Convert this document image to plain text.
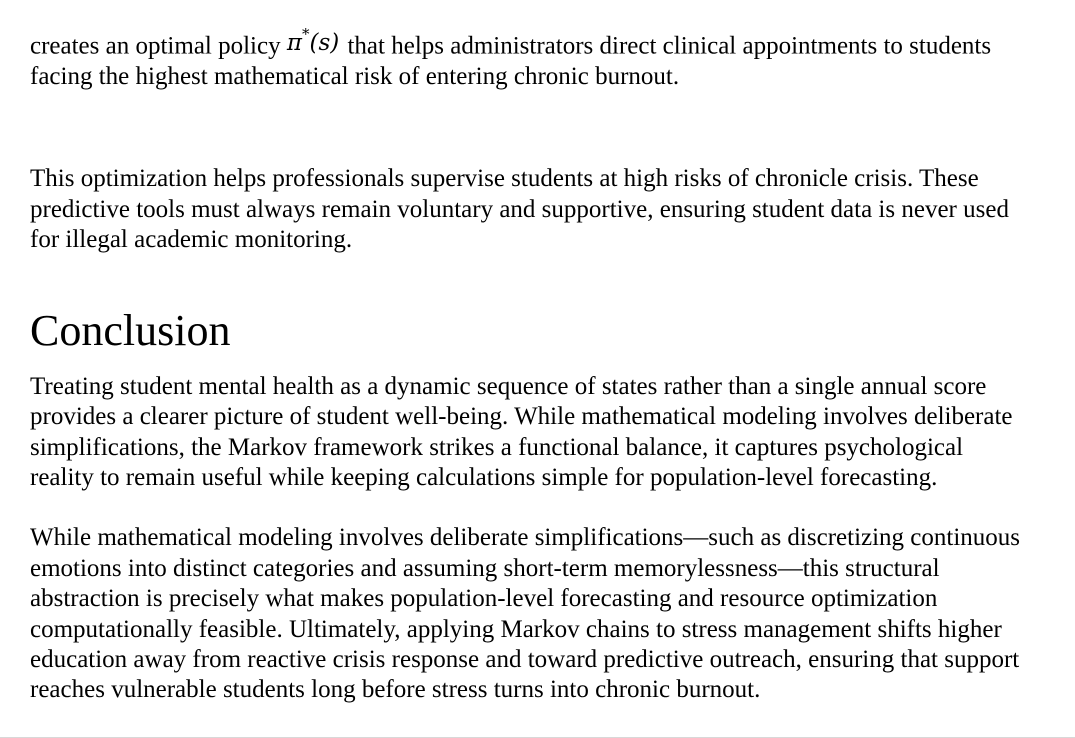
creates an optimal policy π*(s) that helps administrators direct clinical appointments to students facing the highest mathematical risk of entering chronic burnout.

This optimization helps professionals supervise students at high risks of chronicle crisis. These predictive tools must always remain voluntary and supportive, ensuring student data is never used for illegal academic monitoring.

Conclusion

Treating student mental health as a dynamic sequence of states rather than a single annual score provides a clearer picture of student well-being. While mathematical modeling involves deliberate simplifications, the Markov framework strikes a functional balance, it captures psychological reality to remain useful while keeping calculations simple for population-level forecasting.

While mathematical modeling involves deliberate simplifications—such as discretizing continuous emotions into distinct categories and assuming short-term memorylessness—this structural abstraction is precisely what makes population-level forecasting and resource optimization computationally feasible. Ultimately, applying Markov chains to stress management shifts higher education away from reactive crisis response and toward predictive outreach, ensuring that support reaches vulnerable students long before stress turns into chronic burnout.
